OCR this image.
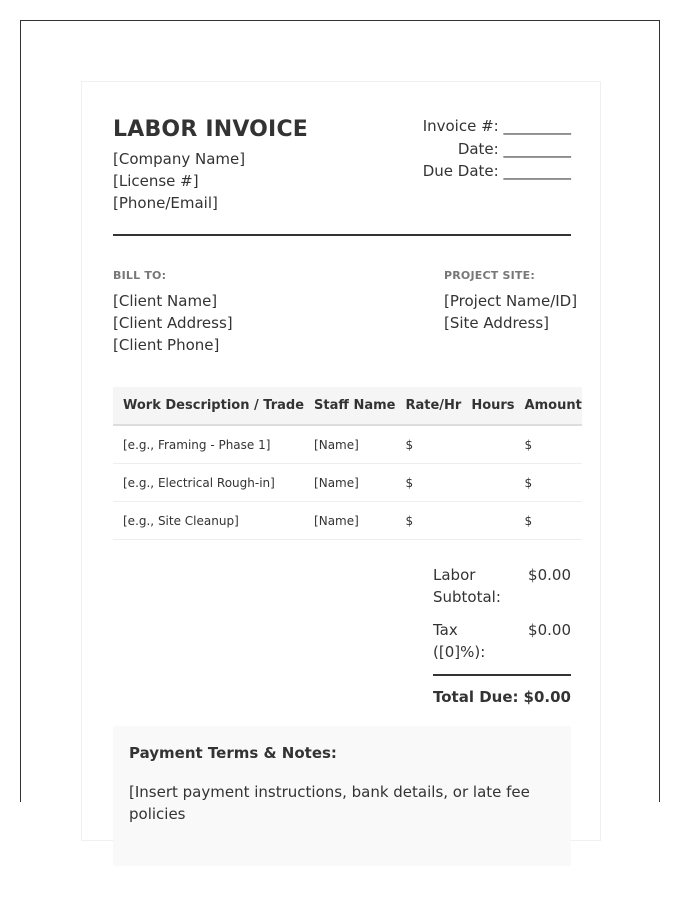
LABOR INVOICE
[Company Name]
[License #]
[Phone/Email]
Invoice #: _________
Date: _________
Due Date: _________
BILL TO:
[Client Name]
[Client Address]
[Client Phone]
PROJECT SITE:
[Project Name/ID]
[Site Address]
Work Description / Trade	Staff Name	Rate/Hr	Hours	Amount
[e.g., Framing - Phase 1]	[Name]	$		$
[e.g., Electrical Rough-in]	[Name]	$		$
[e.g., Site Cleanup]	[Name]	$		$
Labor Subtotal:
$0.00
Tax ([0]%):
$0.00
Total Due: $0.00
Payment Terms & Notes:
[Insert payment instructions, bank details, or late fee policies
